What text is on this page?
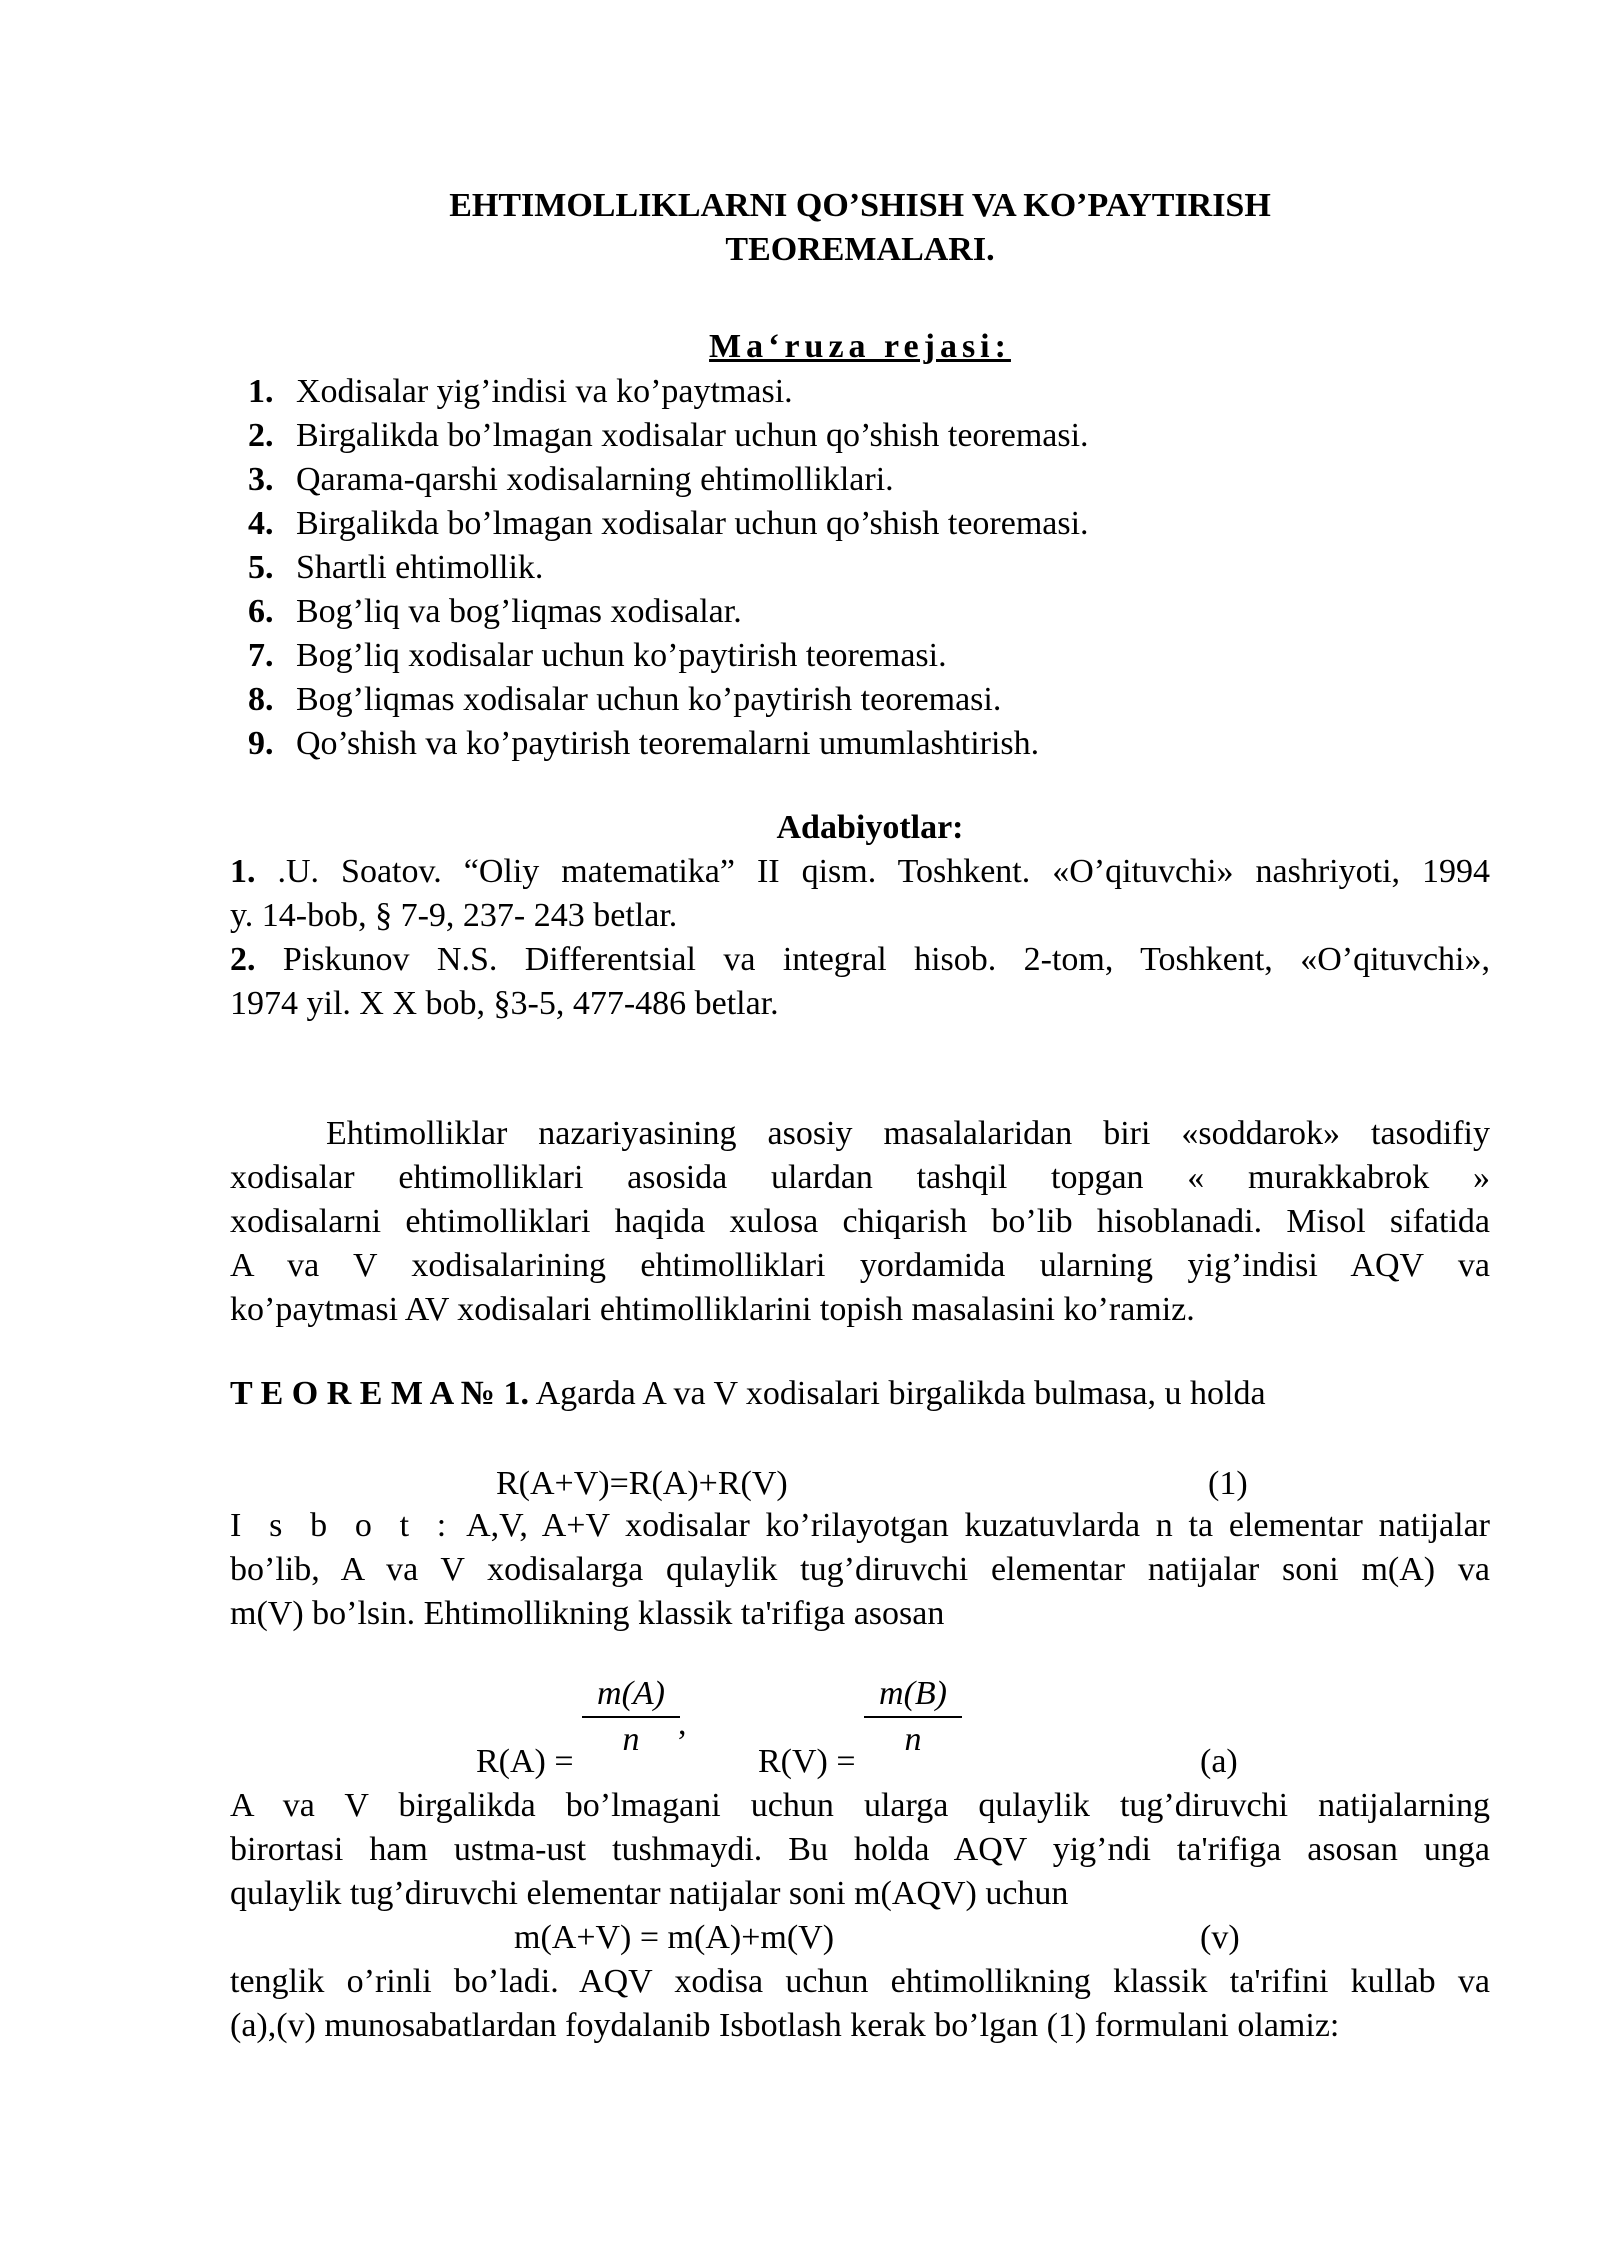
EHTIMOLLIKLARNI QO’SHISH VA KO’PAYTIRISH
TEOREMALARI.
Ma‘ruza rejasi:
1. Xodisalar yig’indisi va ko’paytmasi.
2. Birgalikda bo’lmagan xodisalar uchun qo’shish teoremasi.
3. Qarama-qarshi xodisalarning ehtimolliklari.
4. Birgalikda bo’lmagan xodisalar uchun qo’shish teoremasi.
5. Shartli ehtimollik.
6. Bog’liq va bog’liqmas xodisalar.
7. Bog’liq xodisalar uchun ko’paytirish teoremasi.
8. Bog’liqmas xodisalar uchun ko’paytirish teoremasi.
9. Qo’shish va ko’paytirish teoremalarni umumlashtirish.
Adabiyotlar:
1. .U. Soatov. “Oliy matematika” II qism. Toshkent. «O’qituvchi» nashriyoti, 1994
y. 14-bob, § 7-9, 237- 243 betlar.
2. Piskunov N.S. Differentsial va integral hisob. 2-tom, Toshkent, «O’qituvchi»,
1974 yil. X X bob, §3-5, 477-486 betlar.
Ehtimolliklar nazariyasining asosiy masalalaridan biri «soddarok» tasodifiy
xodisalar ehtimolliklari asosida ulardan tashqil topgan « murakkabrok »
xodisalarni ehtimolliklari haqida xulosa chiqarish bo’lib hisoblanadi. Misol sifatida
A va V xodisalarining ehtimolliklari yordamida ularning yig’indisi AQV va
ko’paytmasi AV xodisalari ehtimolliklarini topish masalasini ko’ramiz.
T E O R E M A № 1. Agarda A va V xodisalari birgalikda bulmasa, u holda
R(A+V)=R(A)+R(V)	(1)
I s b o t : A,V, A+V xodisalar ko’rilayotgan kuzatuvlarda n ta elementar natijalar
bo’lib, A va V xodisalarga qulaylik tug’diruvchi elementar natijalar soni m(A) va
m(V) bo’lsin. Ehtimollikning klassik ta'rifiga asosan
$\frac{m(A)}{n}$
,
R(A) =	$\frac{m(B)}{n}$
R(V) =	(a)
A va V birgalikda bo’lmagani uchun ularga qulaylik tug’diruvchi natijalarning
birortasi ham ustma-ust tushmaydi. Bu holda AQV yig’ndi ta'rifiga asosan unga
qulaylik tug’diruvchi elementar natijalar soni m(AQV) uchun
m(A+V) = m(A)+m(V)	(v)
tenglik o’rinli bo’ladi. AQV xodisa uchun ehtimollikning klassik ta'rifini kullab va
(a),(v) munosabatlardan foydalanib Isbotlash kerak bo’lgan (1) formulani olamiz:
